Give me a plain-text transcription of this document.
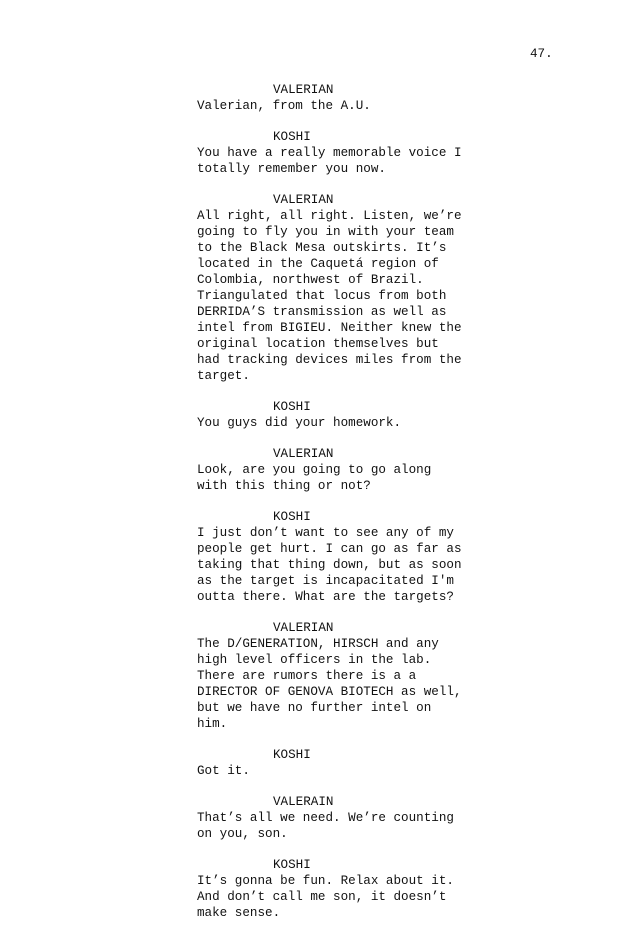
47.
VALERIAN
Valerian, from the A.U.
KOSHI
You have a really memorable voice I
totally remember you now.
VALERIAN
All right, all right. Listen, we’re
going to fly you in with your team
to the Black Mesa outskirts. It’s
located in the Caquetá region of
Colombia, northwest of Brazil.
Triangulated that locus from both
DERRIDA’S transmission as well as
intel from BIGIEU. Neither knew the
original location themselves but
had tracking devices miles from the
target.
KOSHI
You guys did your homework.
VALERIAN
Look, are you going to go along
with this thing or not?
KOSHI
I just don’t want to see any of my
people get hurt. I can go as far as
taking that thing down, but as soon
as the target is incapacitated I'm
outta there. What are the targets?
VALERIAN
The D/GENERATION, HIRSCH and any
high level officers in the lab.
There are rumors there is a a
DIRECTOR OF GENOVA BIOTECH as well,
but we have no further intel on
him.
KOSHI
Got it.
VALERAIN
That’s all we need. We’re counting
on you, son.
KOSHI
It’s gonna be fun. Relax about it.
And don’t call me son, it doesn’t
make sense.
